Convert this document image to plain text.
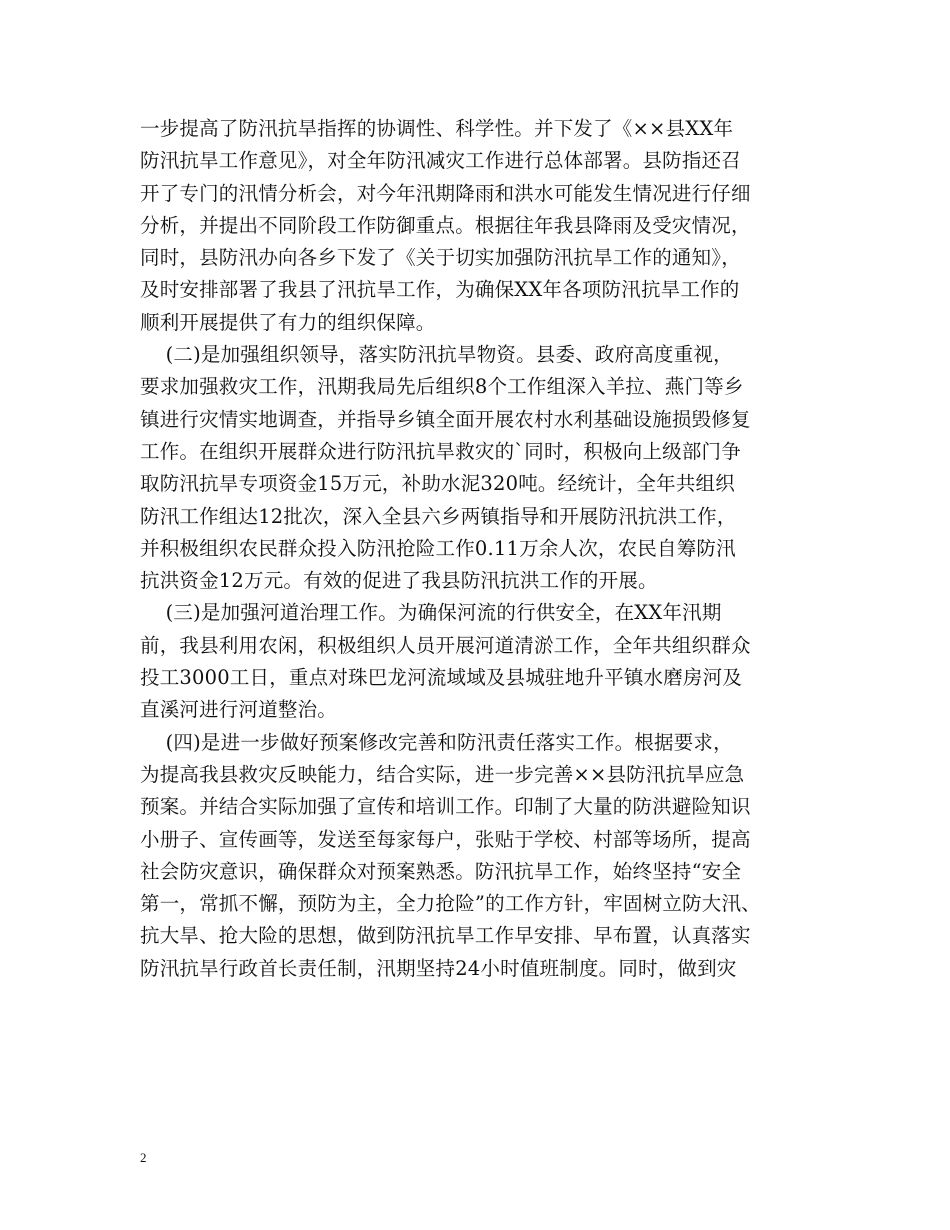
一步提高了防汛抗旱指挥的协调性、科学性。并下发了《××县XX年
防汛抗旱工作意见》，对全年防汛减灾工作进行总体部署。县防指还召
开了专门的汛情分析会，对今年汛期降雨和洪水可能发生情况进行仔细
分析，并提出不同阶段工作防御重点。根据往年我县降雨及受灾情况，
同时，县防汛办向各乡下发了《关于切实加强防汛抗旱工作的通知》，
及时安排部署了我县了汛抗旱工作，为确保XX年各项防汛抗旱工作的
顺利开展提供了有力的组织保障。
(二)是加强组织领导，落实防汛抗旱物资。县委、政府高度重视，
要求加强救灾工作，汛期我局先后组织8个工作组深入羊拉、燕门等乡
镇进行灾情实地调查，并指导乡镇全面开展农村水利基础设施损毁修复
工作。在组织开展群众进行防汛抗旱救灾的`同时，积极向上级部门争
取防汛抗旱专项资金15万元，补助水泥320吨。经统计，全年共组织
防汛工作组达12批次，深入全县六乡两镇指导和开展防汛抗洪工作，
并积极组织农民群众投入防汛抢险工作0.11万余人次，农民自筹防汛
抗洪资金12万元。有效的促进了我县防汛抗洪工作的开展。
(三)是加强河道治理工作。为确保河流的行供安全，在XX年汛期
前，我县利用农闲，积极组织人员开展河道清淤工作，全年共组织群众
投工3000工日，重点对珠巴龙河流域域及县城驻地升平镇水磨房河及
直溪河进行河道整治。
(四)是进一步做好预案修改完善和防汛责任落实工作。根据要求，
为提高我县救灾反映能力，结合实际，进一步完善××县防汛抗旱应急
预案。并结合实际加强了宣传和培训工作。印制了大量的防洪避险知识
小册子、宣传画等，发送至每家每户，张贴于学校、村部等场所，提高
社会防灾意识，确保群众对预案熟悉。防汛抗旱工作，始终坚持“安全
第一，常抓不懈，预防为主，全力抢险”的工作方针，牢固树立防大汛、
抗大旱、抢大险的思想，做到防汛抗旱工作早安排、早布置，认真落实
防汛抗旱行政首长责任制，汛期坚持24小时值班制度。同时，做到灾
2
